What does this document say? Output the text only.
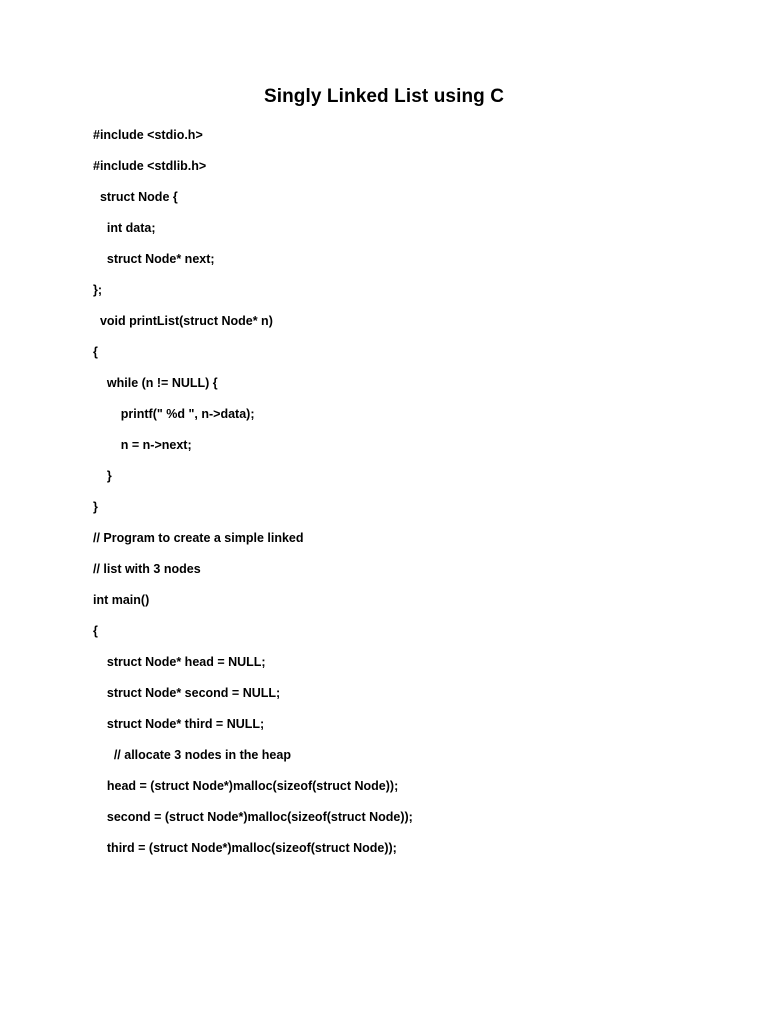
Singly Linked List using C
#include <stdio.h>
#include <stdlib.h>
struct Node {
int data;
struct Node* next;
};
void printList(struct Node* n)
{
while (n != NULL) {
printf(" %d ", n->data);
n = n->next;
}
}
// Program to create a simple linked
// list with 3 nodes
int main()
{
struct Node* head = NULL;
struct Node* second = NULL;
struct Node* third = NULL;
// allocate 3 nodes in the heap
head = (struct Node*)malloc(sizeof(struct Node));
second = (struct Node*)malloc(sizeof(struct Node));
third = (struct Node*)malloc(sizeof(struct Node));
